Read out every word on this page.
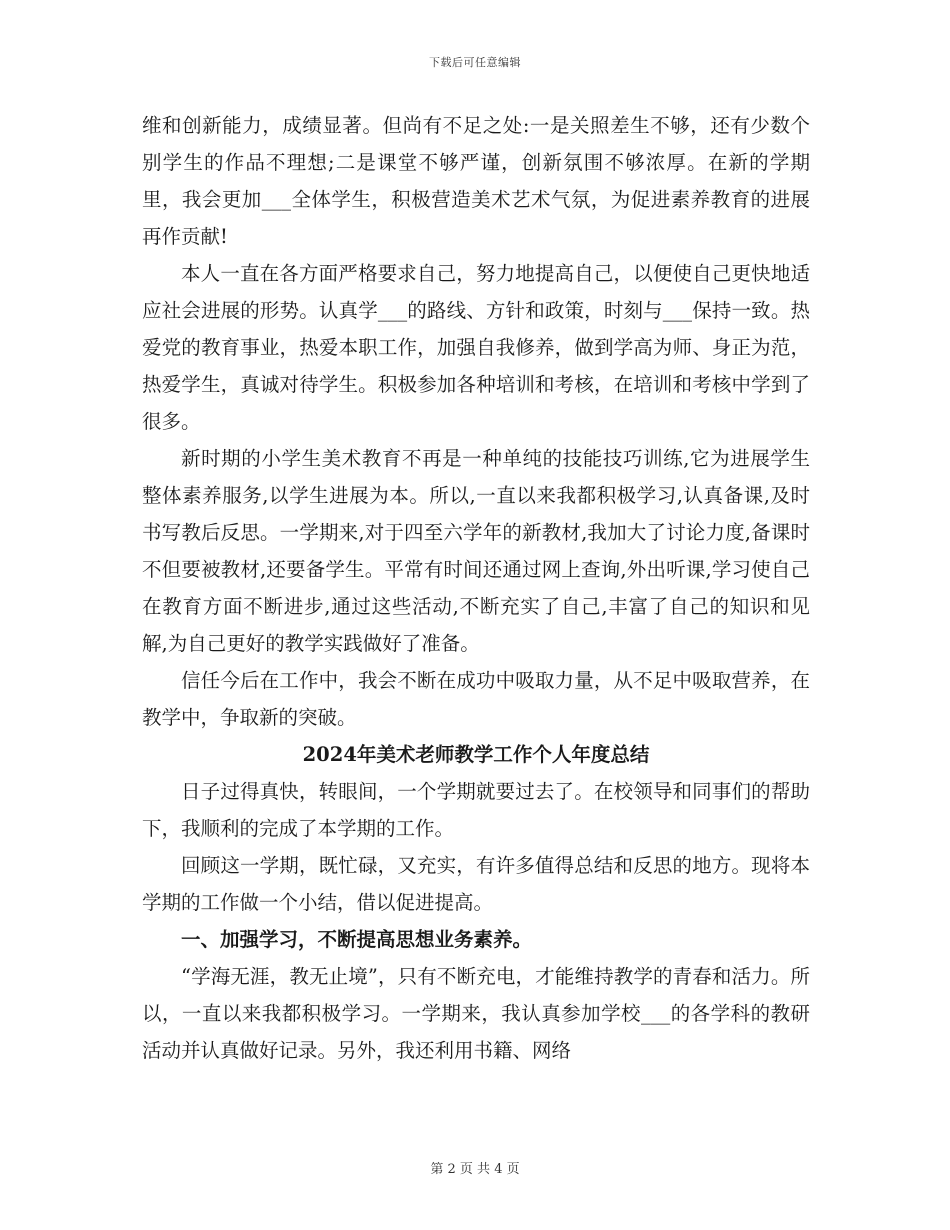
下载后可任意编辑

维和创新能力，成绩显著。但尚有不足之处:一是关照差生不够，还有少数个别学生的作品不理想;二是课堂不够严谨，创新氛围不够浓厚。在新的学期里，我会更加___全体学生，积极营造美术艺术气氛，为促进素养教育的进展再作贡献!

本人一直在各方面严格要求自己，努力地提高自己，以便使自己更快地适应社会进展的形势。认真学___的路线、方针和政策，时刻与___保持一致。热爱党的教育事业，热爱本职工作，加强自我修养，做到学高为师、身正为范，热爱学生，真诚对待学生。积极参加各种培训和考核，在培训和考核中学到了很多。

新时期的小学生美术教育不再是一种单纯的技能技巧训练,它为进展学生整体素养服务,以学生进展为本。所以,一直以来我都积极学习,认真备课,及时书写教后反思。一学期来,对于四至六学年的新教材,我加大了讨论力度,备课时不但要被教材,还要备学生。平常有时间还通过网上查询,外出听课,学习使自己在教育方面不断进步,通过这些活动,不断充实了自己,丰富了自己的知识和见解,为自己更好的教学实践做好了准备。

信任今后在工作中，我会不断在成功中吸取力量，从不足中吸取营养，在教学中，争取新的突破。

2024年美术老师教学工作个人年度总结

日子过得真快，转眼间，一个学期就要过去了。在校领导和同事们的帮助下，我顺利的完成了本学期的工作。

回顾这一学期，既忙碌，又充实，有许多值得总结和反思的地方。现将本学期的工作做一个小结，借以促进提高。

一、加强学习，不断提高思想业务素养。

“学海无涯，教无止境”，只有不断充电，才能维持教学的青春和活力。所以，一直以来我都积极学习。一学期来，我认真参加学校___的各学科的教研活动并认真做好记录。另外，我还利用书籍、网络

第 2 页 共 4 页
